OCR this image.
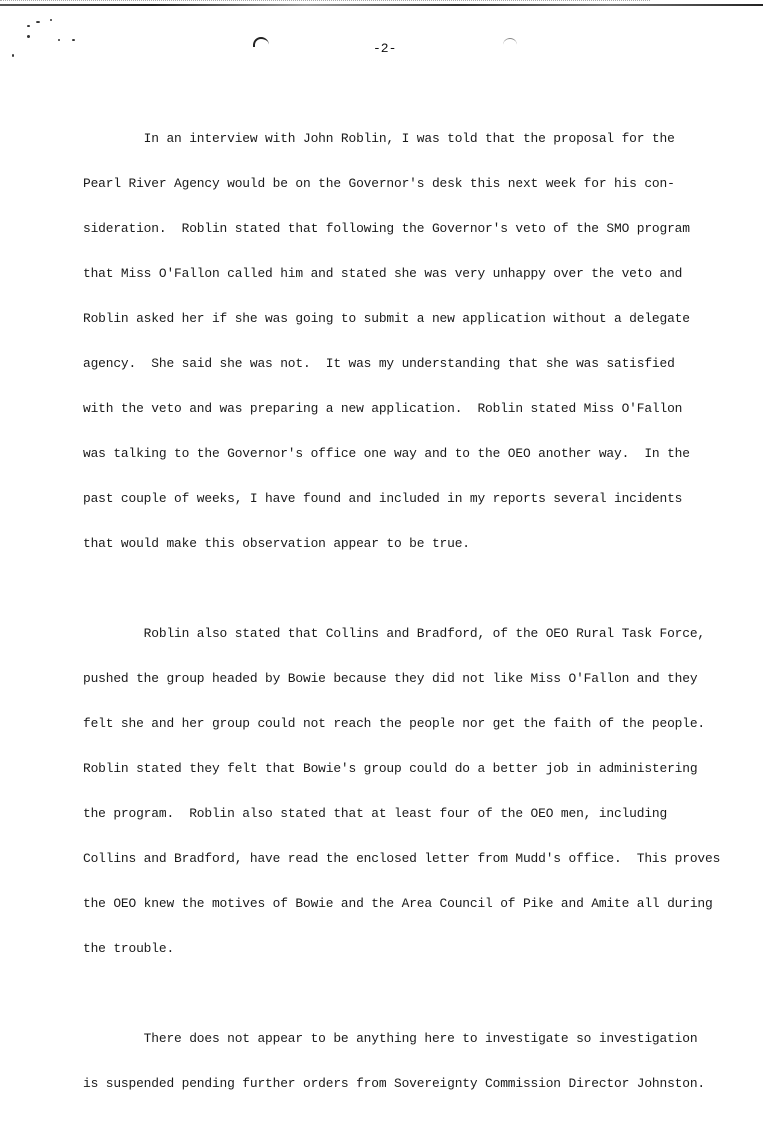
-2-

In an interview with John Roblin, I was told that the proposal for the

Pearl River Agency would be on the Governor's desk this next week for his con-

sideration.  Roblin stated that following the Governor's veto of the SMO program

that Miss O'Fallon called him and stated she was very unhappy over the veto and

Roblin asked her if she was going to submit a new application without a delegate

agency.  She said she was not.  It was my understanding that she was satisfied

with the veto and was preparing a new application.  Roblin stated Miss O'Fallon

was talking to the Governor's office one way and to the OEO another way.  In the

past couple of weeks, I have found and included in my reports several incidents

that would make this observation appear to be true.

Roblin also stated that Collins and Bradford, of the OEO Rural Task Force,

pushed the group headed by Bowie because they did not like Miss O'Fallon and they

felt she and her group could not reach the people nor get the faith of the people.

Roblin stated they felt that Bowie's group could do a better job in administering

the program.  Roblin also stated that at least four of the OEO men, including

Collins and Bradford, have read the enclosed letter from Mudd's office.  This proves

the OEO knew the motives of Bowie and the Area Council of Pike and Amite all during

the trouble.

There does not appear to be anything here to investigate so investigation

is suspended pending further orders from Sovereignty Commission Director Johnston.
